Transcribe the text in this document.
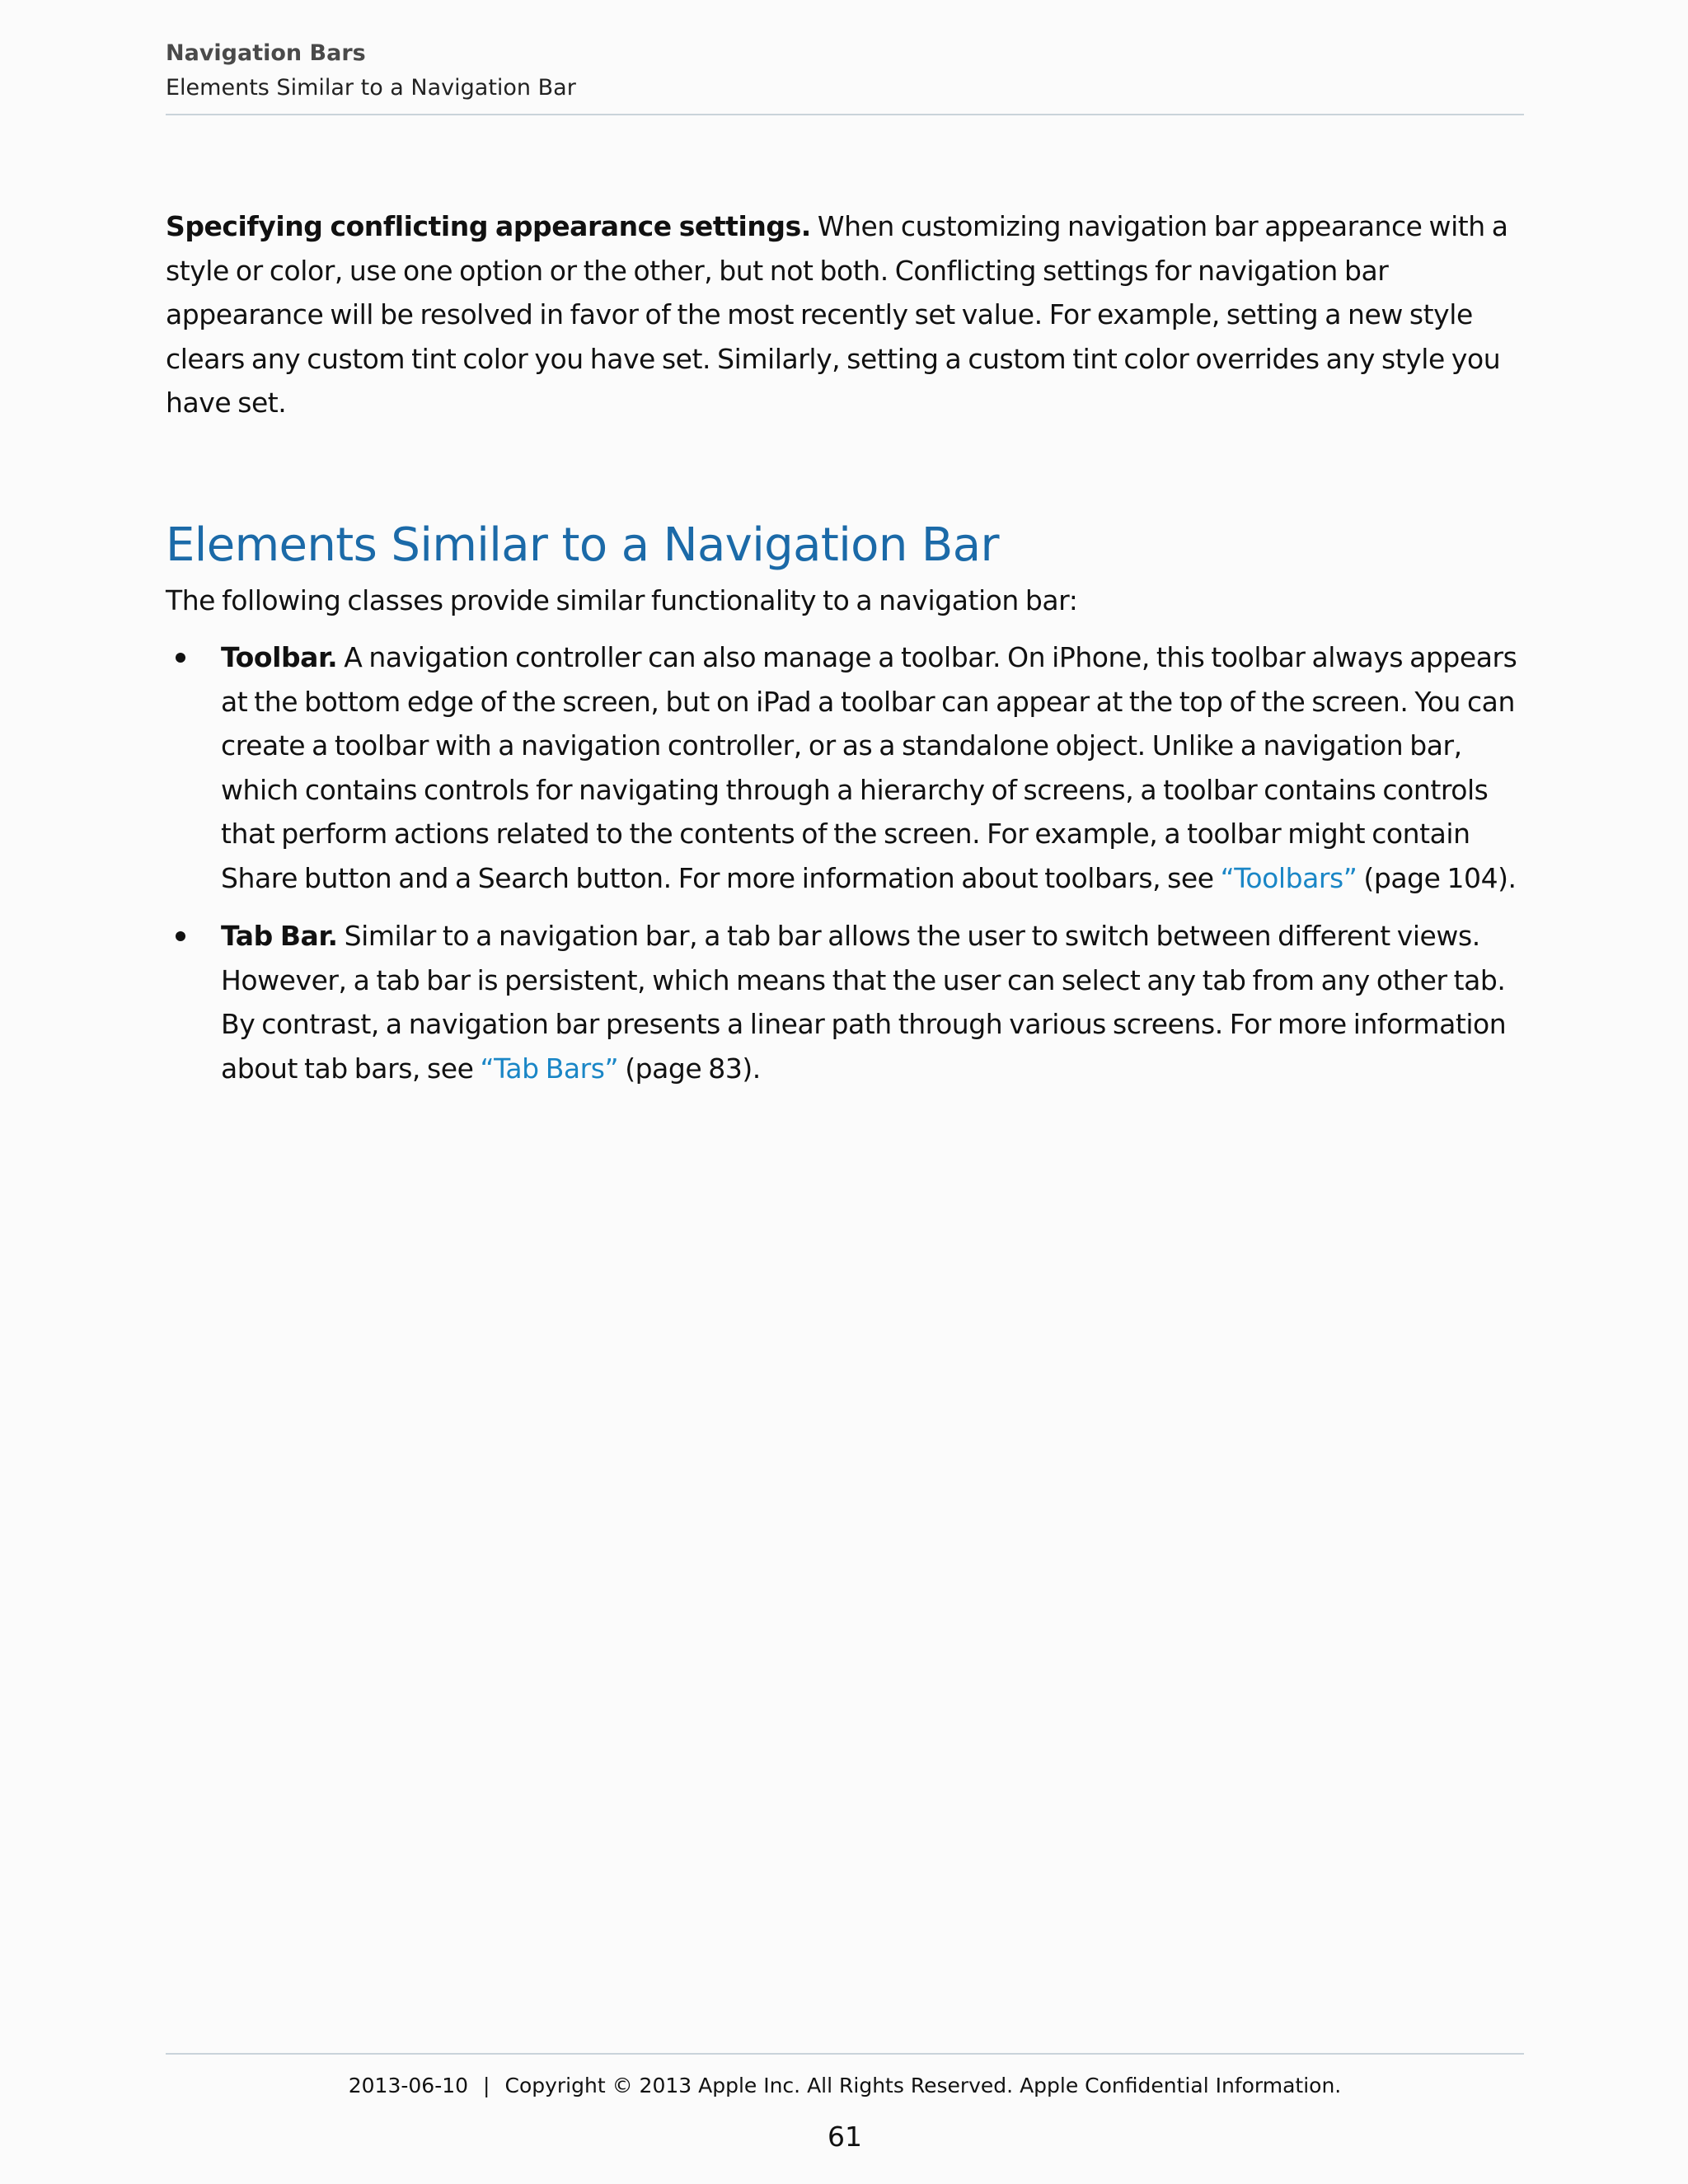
Navigation Bars
Elements Similar to a Navigation Bar

Specifying conflicting appearance settings. When customizing navigation bar appearance with a style or color, use one option or the other, but not both. Conflicting settings for navigation bar appearance will be resolved in favor of the most recently set value. For example, setting a new style clears any custom tint color you have set. Similarly, setting a custom tint color overrides any style you have set.

Elements Similar to a Navigation Bar

The following classes provide similar functionality to a navigation bar:

Toolbar. A navigation controller can also manage a toolbar. On iPhone, this toolbar always appears at the bottom edge of the screen, but on iPad a toolbar can appear at the top of the screen. You can create a toolbar with a navigation controller, or as a standalone object. Unlike a navigation bar, which contains controls for navigating through a hierarchy of screens, a toolbar contains controls that perform actions related to the contents of the screen. For example, a toolbar might contain Share button and a Search button. For more information about toolbars, see “Toolbars” (page 104).
Tab Bar. Similar to a navigation bar, a tab bar allows the user to switch between different views. However, a tab bar is persistent, which means that the user can select any tab from any other tab. By contrast, a navigation bar presents a linear path through various screens. For more information about tab bars, see “Tab Bars” (page 83).
2013-06-10 | Copyright © 2013 Apple Inc. All Rights Reserved. Apple Confidential Information.
61
